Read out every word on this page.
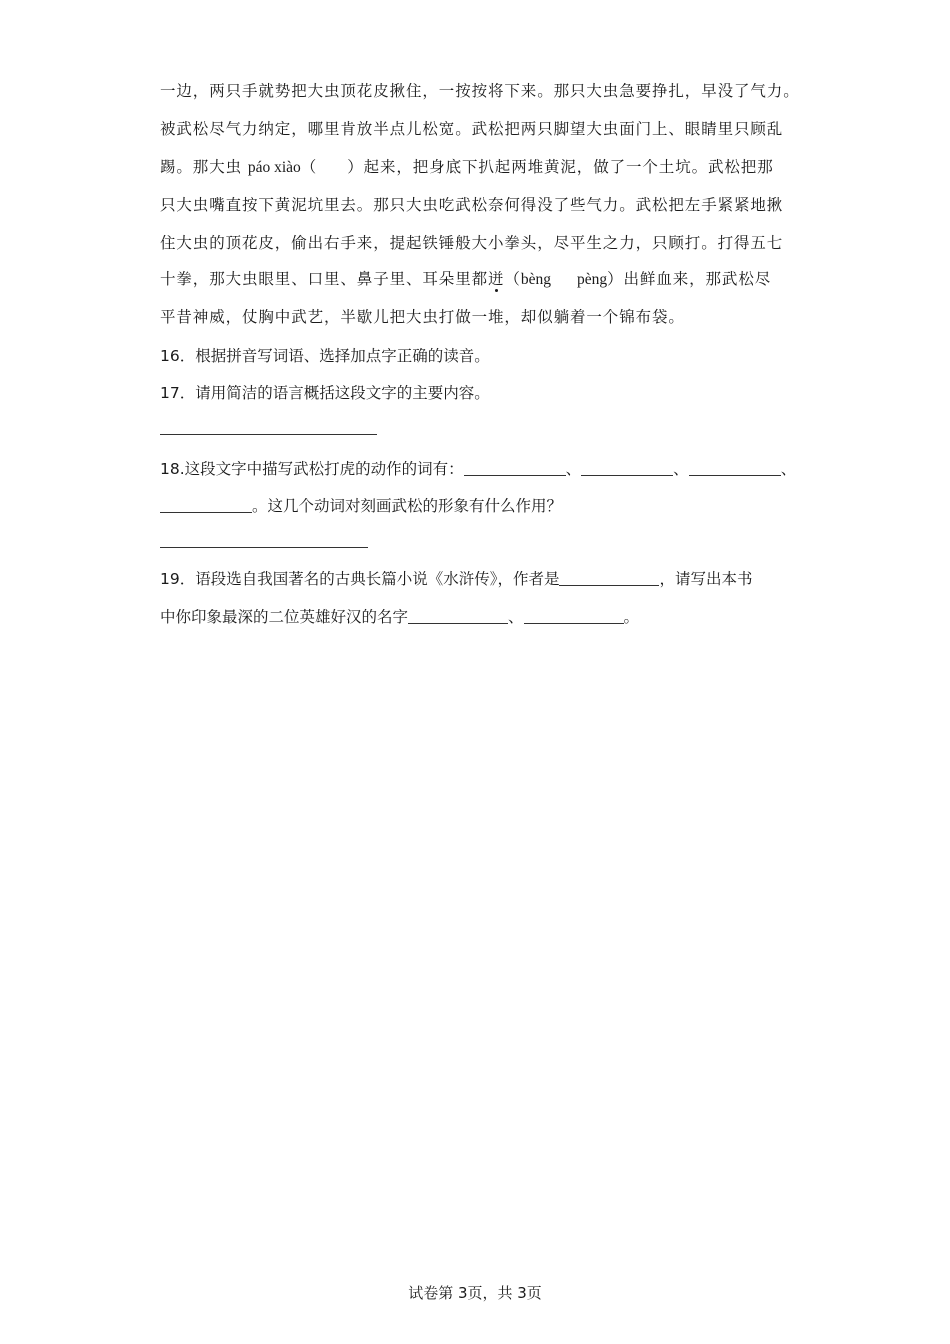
一边，两只手就势把大虫顶花皮揪住，一按按将下来。那只大虫急要挣扎，早没了气力。
被武松尽气力纳定，哪里肯放半点儿松宽。武松把两只脚望大虫面门上、眼睛里只顾乱
踢。那大虫 páo xiào（ ）起来，把身底下扒起两堆黄泥，做了一个土坑。武松把那
只大虫嘴直按下黄泥坑里去。那只大虫吃武松奈何得没了些气力。武松把左手紧紧地揪
住大虫的顶花皮，偷出右手来，提起铁锤般大小拳头，尽平生之力，只顾打。打得五七
十拳，那大虫眼里、口里、鼻子里、耳朵里都迸（bèng pèng）出鲜血来，那武松尽
平昔神威，仗胸中武艺，半歇儿把大虫打做一堆，却似躺着一个锦布袋。
16．根据拼音写词语、选择加点字正确的读音。
17．请用简洁的语言概括这段文字的主要内容。
18.这段文字中描写武松打虎的动作的词有：	、	、	、
。这几个动词对刻画武松的形象有什么作用？
19．语段选自我国著名的古典长篇小说《水浒传》，作者是	，请写出本书
中你印象最深的二位英雄好汉的名字	、	。
试卷第 3页，共 3页
